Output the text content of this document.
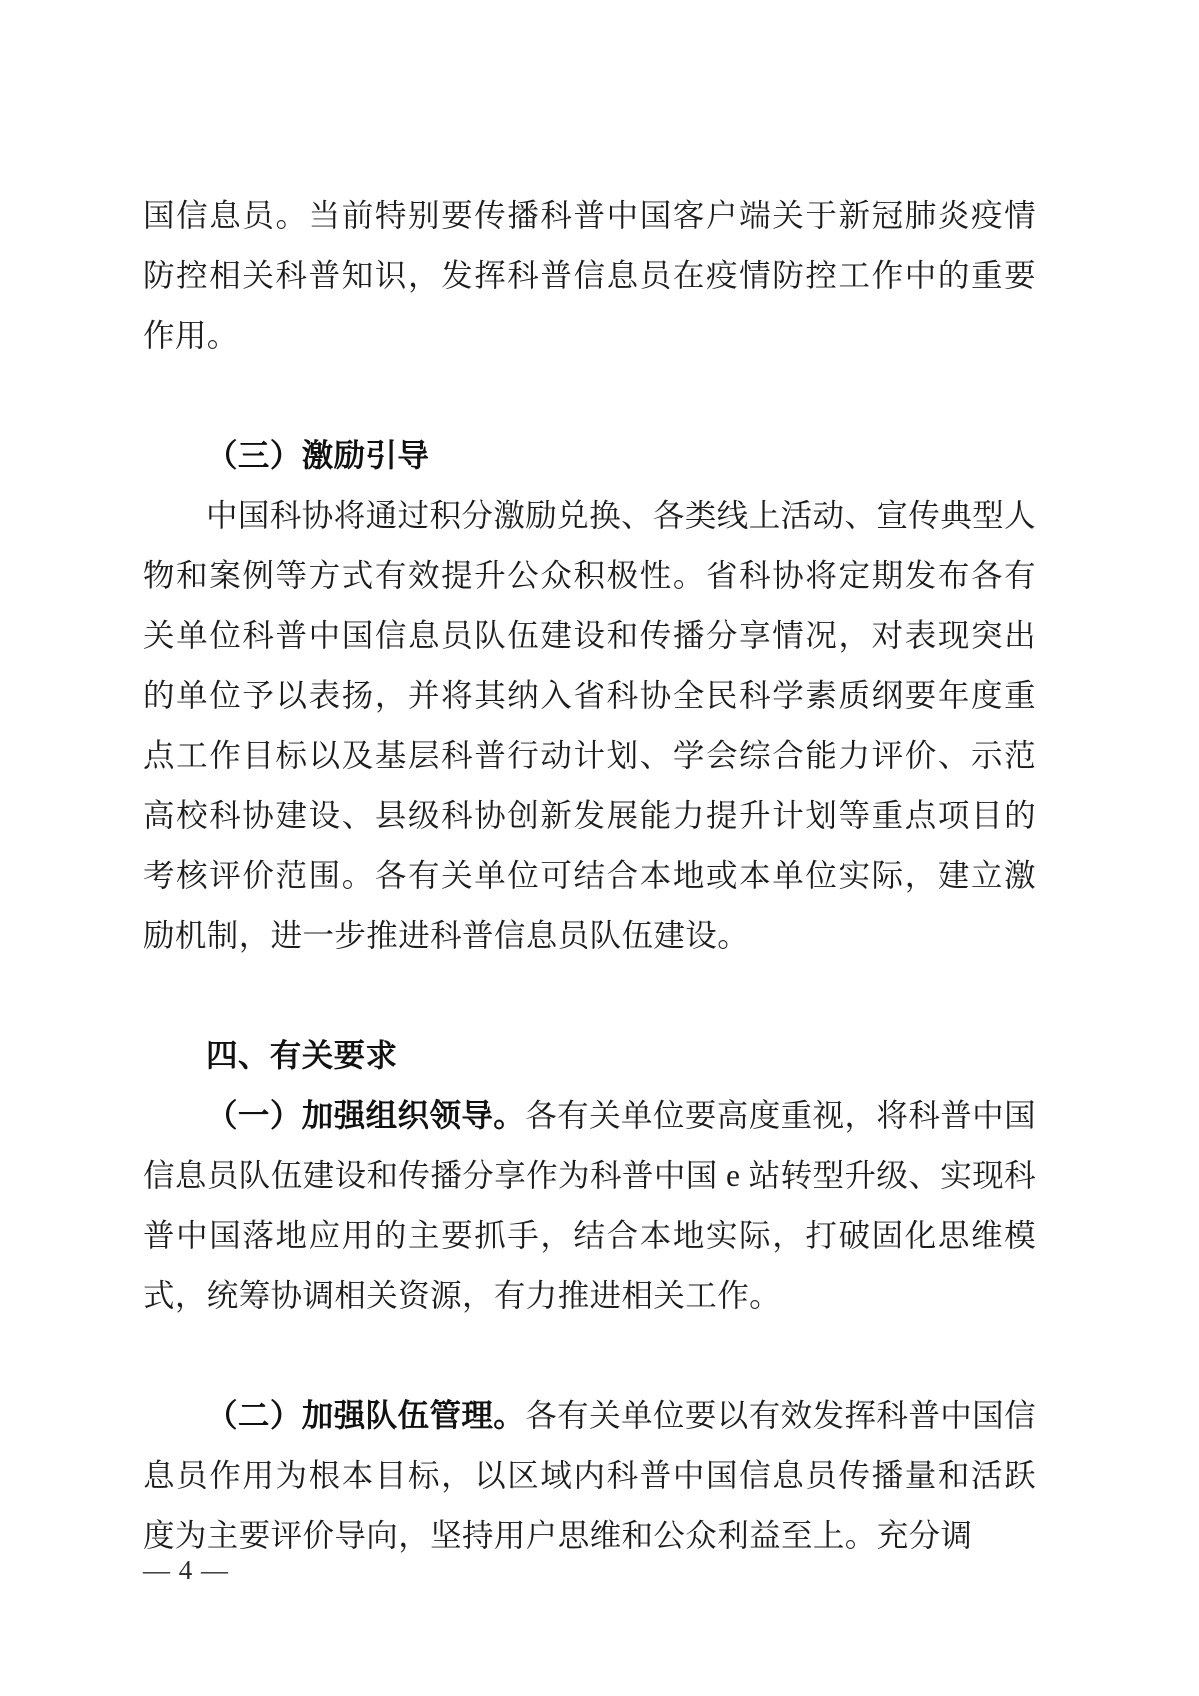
国信息员。当前特别要传播科普中国客户端关于新冠肺炎疫情防控相关科普知识，发挥科普信息员在疫情防控工作中的重要作用。

（三）激励引导

中国科协将通过积分激励兑换、各类线上活动、宣传典型人物和案例等方式有效提升公众积极性。省科协将定期发布各有关单位科普中国信息员队伍建设和传播分享情况，对表现突出的单位予以表扬，并将其纳入省科协全民科学素质纲要年度重点工作目标以及基层科普行动计划、学会综合能力评价、示范高校科协建设、县级科协创新发展能力提升计划等重点项目的考核评价范围。各有关单位可结合本地或本单位实际，建立激励机制，进一步推进科普信息员队伍建设。

四、有关要求

（一）加强组织领导。各有关单位要高度重视，将科普中国信息员队伍建设和传播分享作为科普中国 e 站转型升级、实现科普中国落地应用的主要抓手，结合本地实际，打破固化思维模式，统筹协调相关资源，有力推进相关工作。

（二）加强队伍管理。各有关单位要以有效发挥科普中国信息员作用为根本目标，以区域内科普中国信息员传播量和活跃度为主要评价导向，坚持用户思维和公众利益至上。充分调

— 4 —
